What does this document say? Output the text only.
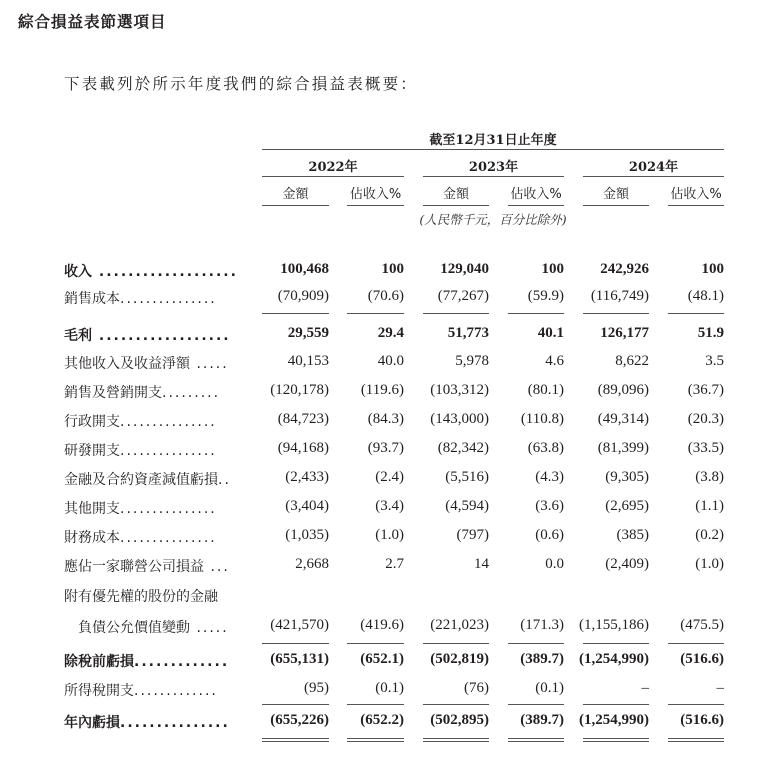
綜合損益表節選項目
下表載列於所示年度我們的綜合損益表概要：
截至12月31日止年度
2022年	2023年	2024年
金額	佔收入%	金額	佔收入%	金額	佔收入%
(人民幣千元，百分比除外)
收入 ...................	100,468	100	129,040	100	242,926	100
銷售成本...............	(70,909)	(70.6)	(77,267)	(59.9)	(116,749)	(48.1)
毛利 ..................	29,559	29.4	51,773	40.1	126,177	51.9
其他收入及收益淨額 .....	40,153	40.0	5,978	4.6	8,622	3.5
銷售及營銷開支.........	(120,178)	(119.6)	(103,312)	(80.1)	(89,096)	(36.7)
行政開支...............	(84,723)	(84.3)	(143,000)	(110.8)	(49,314)	(20.3)
研發開支...............	(94,168)	(93.7)	(82,342)	(63.8)	(81,399)	(33.5)
金融及合約資產減值虧損..	(2,433)	(2.4)	(5,516)	(4.3)	(9,305)	(3.8)
其他開支...............	(3,404)	(3.4)	(4,594)	(3.6)	(2,695)	(1.1)
財務成本...............	(1,035)	(1.0)	(797)	(0.6)	(385)	(0.2)
應佔一家聯營公司損益 ...	2,668	2.7	14	0.0	(2,409)	(1.0)
附有優先權的股份的金融
　負債公允價值變動 .....	(421,570)	(419.6)	(221,023)	(171.3)	(1,155,186)	(475.5)
除稅前虧損.............	(655,131)	(652.1)	(502,819)	(389.7)	(1,254,990)	(516.6)
所得稅開支.............	(95)	(0.1)	(76)	(0.1)	–	–
年內虧損...............	(655,226)	(652.2)	(502,895)	(389.7)	(1,254,990)	(516.6)
